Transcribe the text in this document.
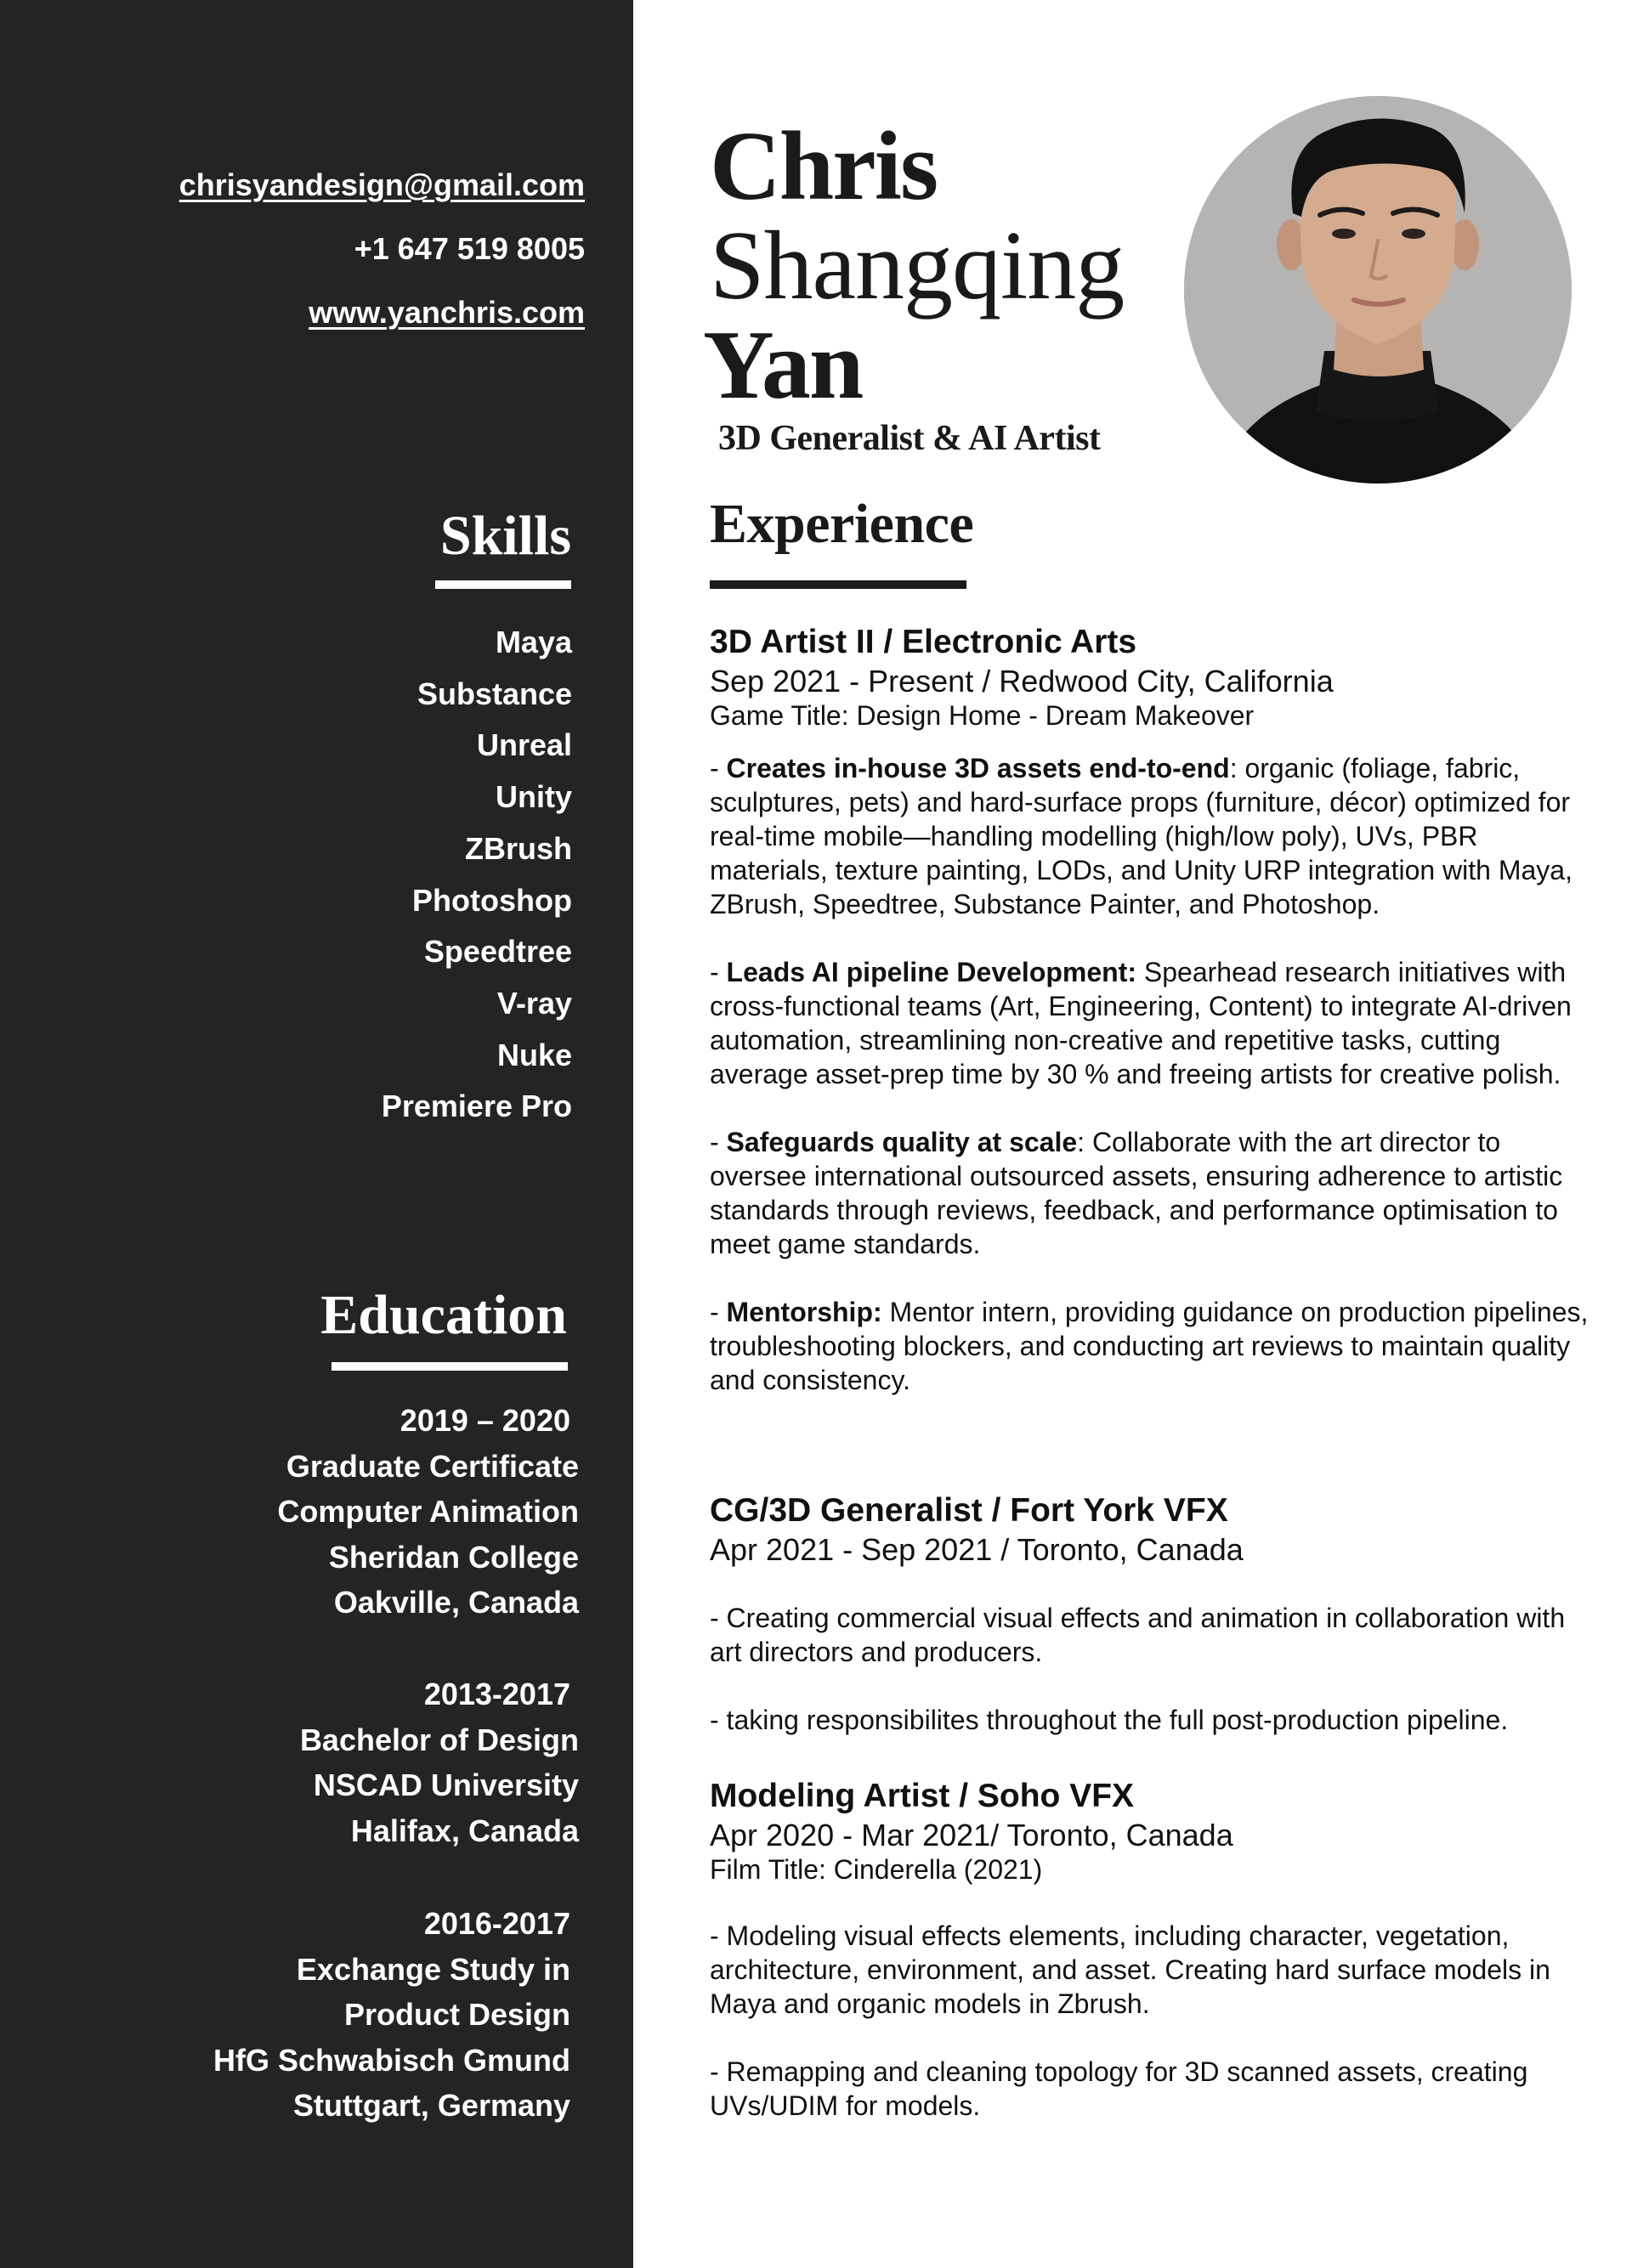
chrisyandesign@gmail.com
+1 647 519 8005
www.yanchris.com
Skills
Maya
Substance
Unreal
Unity
ZBrush
Photoshop
Speedtree
V-ray
Nuke
Premiere Pro
Education
2019 – 2020
Graduate Certificate
Computer Animation
Sheridan College
Oakville, Canada
2013-2017
Bachelor of Design
NSCAD University
Halifax, Canada
2016-2017
Exchange Study in
Product Design
HfG Schwabisch Gmund
Stuttgart, Germany
Chris
Shangqing
Yan
3D Generalist & AI Artist
Experience
3D Artist II / Electronic Arts
Sep 2021 - Present / Redwood City, California
Game Title: Design Home - Dream Makeover
- Creates in-house 3D assets end-to-end: organic (foliage, fabric, sculptures, pets) and hard-surface props (furniture, décor) optimized for real-time mobile—handling modelling (high/low poly), UVs, PBR materials, texture painting, LODs, and Unity URP integration with Maya, ZBrush, Speedtree, Substance Painter, and Photoshop.
- Leads AI pipeline Development: Spearhead research initiatives with cross-functional teams (Art, Engineering, Content) to integrate AI-driven automation, streamlining non-creative and repetitive tasks, cutting average asset-prep time by 30 % and freeing artists for creative polish.
- Safeguards quality at scale: Collaborate with the art director to oversee international outsourced assets, ensuring adherence to artistic standards through reviews, feedback, and performance optimisation to meet game standards.
- Mentorship: Mentor intern, providing guidance on production pipelines, troubleshooting blockers, and conducting art reviews to maintain quality and consistency.
CG/3D Generalist / Fort York VFX
Apr 2021 - Sep 2021 / Toronto, Canada
- Creating commercial visual effects and animation in collaboration with art directors and producers.
- taking responsibilites throughout the full post-production pipeline.
Modeling Artist / Soho VFX
Apr 2020 - Mar 2021/ Toronto, Canada
Film Title: Cinderella (2021)
- Modeling visual effects elements, including character, vegetation, architecture, environment, and asset. Creating hard surface models in Maya and organic models in Zbrush.
- Remapping and cleaning topology for 3D scanned assets, creating UVs/UDIM for models.
